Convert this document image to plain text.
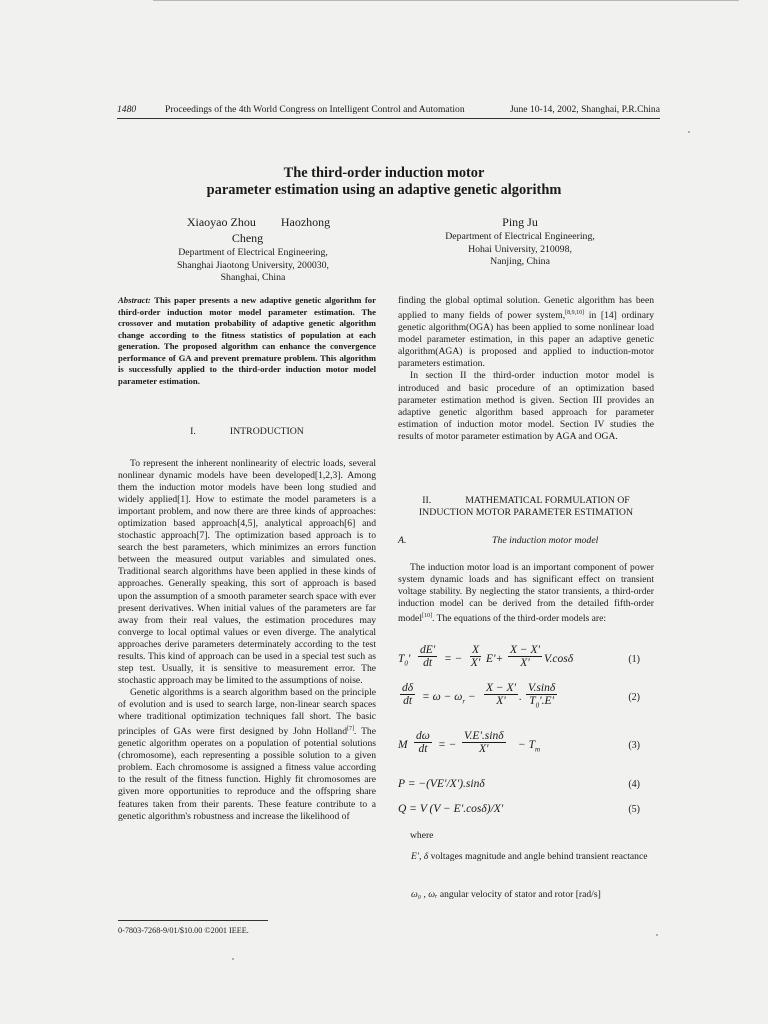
1480	Proceedings of the 4th World Congress on Intelligent Control and Automation	June 10-14, 2002, Shanghai, P.R.China
The third-order induction motor
parameter estimation using an adaptive genetic algorithm
Xiaoyao Zhou Haozhong Cheng
Department of Electrical Engineering,
Shanghai Jiaotong University, 200030,
Shanghai, China
Ping Ju
Department of Electrical Engineering,
Hohai University, 210098,
Nanjing, China
Abstract: This paper presents a new adaptive genetic algorithm for third-order induction motor model parameter estimation. The crossover and mutation probability of adaptive genetic algorithm change according to the fitness statistics of population at each generation. The proposed algorithm can enhance the convergence performance of GA and prevent premature problem. This algorithm is successfully applied to the third-order induction motor model parameter estimation.
I.	INTRODUCTION

To represent the inherent nonlinearity of electric loads, several nonlinear dynamic models have been developed[1,2,3]. Among them the induction motor models have been long studied and widely applied[1]. How to estimate the model parameters is a important problem, and now there are three kinds of approaches: optimization based approach[4,5], analytical approach[6] and stochastic approach[7]. The optimization based approach is to search the best parameters, which minimizes an errors function between the measured output variables and simulated ones. Traditional search algorithms have been applied in these kinds of approaches. Generally speaking, this sort of approach is based upon the assumption of a smooth parameter search space with ever present derivatives. When initial values of the parameters are far away from their real values, the estimation procedures may converge to local optimal values or even diverge. The analytical approaches derive parameters determinately according to the test results. This kind of approach can be used in a special test such as step test. Usually, it is sensitive to measurement error. The stochastic approach may be limited to the assumptions of noise.

Genetic algorithms is a search algorithm based on the principle of evolution and is used to search large, non-linear search spaces where traditional optimization techniques fall short. The basic principles of GAs were first designed by John Holland[7]. The genetic algorithm operates on a population of potential solutions (chromosome), each representing a possible solution to a given problem. Each chromosome is assigned a fitness value according to the result of the fitness function. Highly fit chromosomes are given more opportunities to reproduce and the offspring share features taken from their parents. These feature contribute to a genetic algorithm's robustness and increase the likelihood of

finding the global optimal solution. Genetic algorithm has been applied to many fields of power system,[8,9,10] in [14] ordinary genetic algorithm(OGA) has been applied to some nonlinear load model parameter estimation, in this paper an adaptive genetic algorithm(AGA) is proposed and applied to induction-motor parameters estimation.

In section II the third-order induction motor model is introduced and basic procedure of an optimization based parameter estimation method is given. Section III provides an adaptive genetic algorithm based approach for parameter estimation of induction motor model. Section IV studies the results of motor parameter estimation by AGA and OGA.

II.	MATHEMATICAL FORMULATION OF
INDUCTION MOTOR PARAMETER ESTIMATION
A.	The induction motor model

The induction motor load is an important component of power system dynamic loads and has significant effect on transient voltage stability. By neglecting the stator transients, a third-order induction model can be derived from the detailed fifth-order model[10]. The equations of the third-order models are:

$T_0' \frac{dE'}{dt}$ = − $\frac{X}{X'} E'+ \frac{X - X'}{X'} V.\cos\delta$	(1)
$\frac{d\delta}{dt} = \omega - \omega_r - \frac{X - X'}{X'}$ . $\frac{V.\sin\delta}{T_0'.E'}$	(2)
M $\frac{d\omega}{dt}$ = − $\frac{V.E'.\sin\delta}{X'} - T_m$	(3)
P = −(VE′/X′).sinδ	(4)
Q = V (V − E′.cosδ)/X′	(5)
where
E′, δ voltages magnitude and angle behind transient reactance
ω₀ , ωᵣ angular velocity of stator and rotor [rad/s]
0-7803-7268-9/01/$10.00 ©2001 IEEE.
